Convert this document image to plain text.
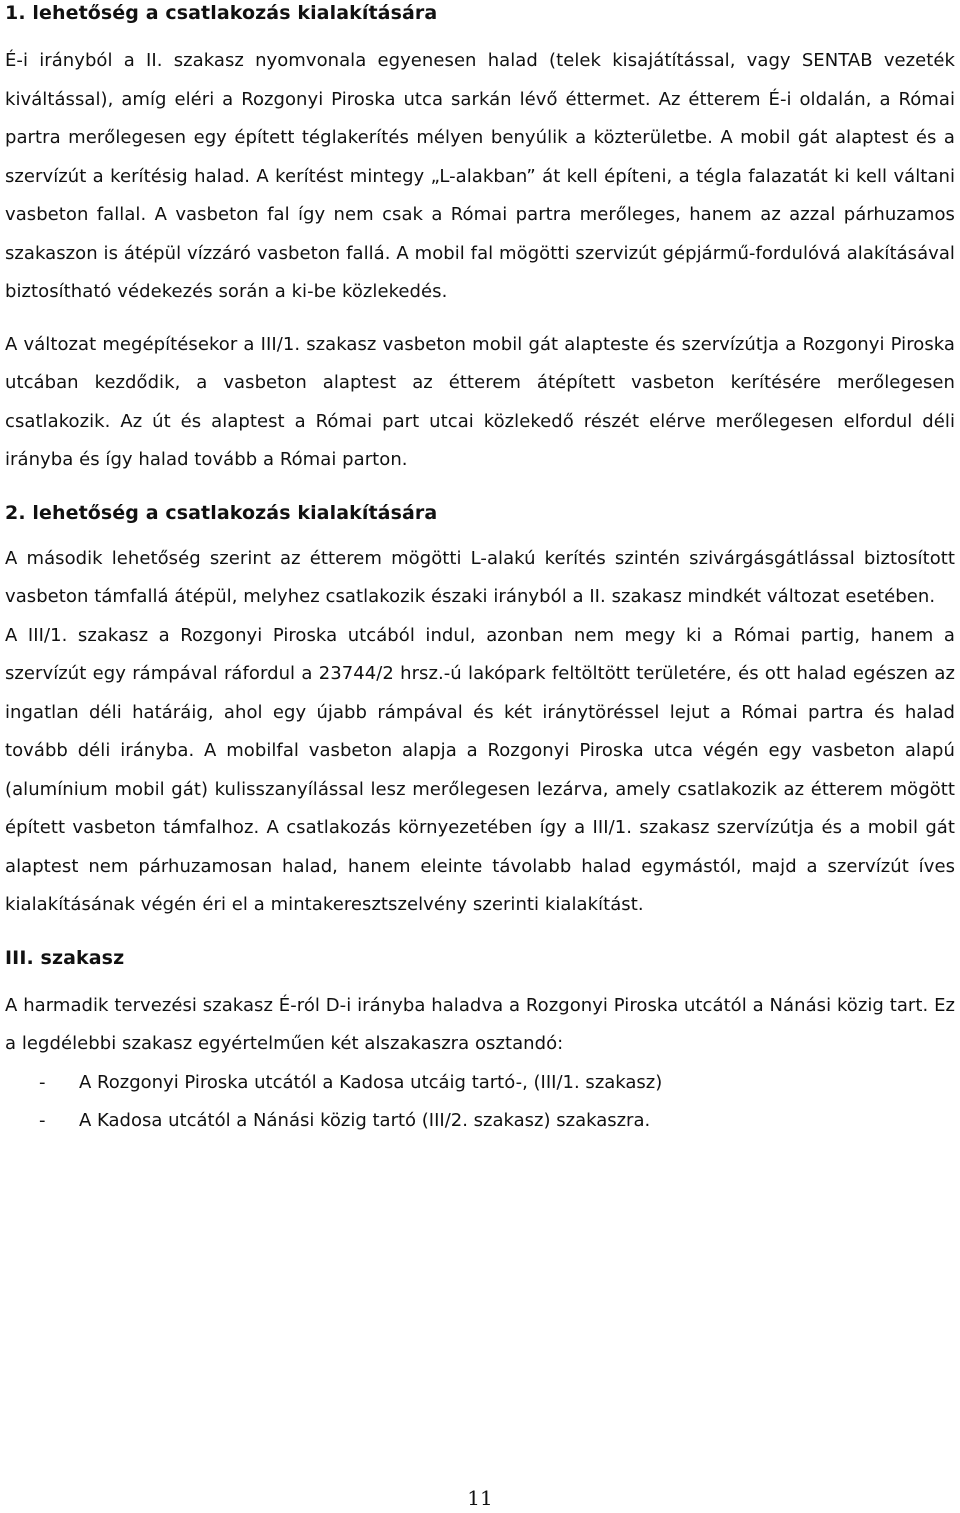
1. lehetőség a csatlakozás kialakítására

É-i irányból a II. szakasz nyomvonala egyenesen halad (telek kisajátítással, vagy SENTAB vezeték kiváltással), amíg eléri a Rozgonyi Piroska utca sarkán lévő éttermet. Az étterem É-i oldalán, a Római partra merőlegesen egy épített téglakerítés mélyen benyúlik a közterületbe. A mobil gát alaptest és a szervízút a kerítésig halad. A kerítést mintegy „L-alakban” át kell építeni, a tégla falazatát ki kell váltani vasbeton fallal. A vasbeton fal így nem csak a Római partra merőleges, hanem az azzal párhuzamos szakaszon is átépül vízzáró vasbeton fallá. A mobil fal mögötti szervizút gépjármű-fordulóvá alakításával biztosítható védekezés során a ki-be közlekedés.

A változat megépítésekor a III/1. szakasz vasbeton mobil gát alapteste és szervízútja a Rozgonyi Piroska utcában kezdődik, a vasbeton alaptest az étterem átépített vasbeton kerítésére merőlegesen csatlakozik. Az út és alaptest a Római part utcai közlekedő részét elérve merőlegesen elfordul déli irányba és így halad tovább a Római parton.

2. lehetőség a csatlakozás kialakítására

A második lehetőség szerint az étterem mögötti L-alakú kerítés szintén szivárgásgátlással biztosított vasbeton támfallá átépül, melyhez csatlakozik északi irányból a II. szakasz mindkét változat esetében.

A III/1. szakasz a Rozgonyi Piroska utcából indul, azonban nem megy ki a Római partig, hanem a szervízút egy rámpával ráfordul a 23744/2 hrsz.-ú lakópark feltöltött területére, és ott halad egészen az ingatlan déli határáig, ahol egy újabb rámpával és két iránytöréssel lejut a Római partra és halad tovább déli irányba. A mobilfal vasbeton alapja a Rozgonyi Piroska utca végén egy vasbeton alapú (alumínium mobil gát) kulisszanyílással lesz merőlegesen lezárva, amely csatlakozik az étterem mögött épített vasbeton támfalhoz. A csatlakozás környezetében így a III/1. szakasz szervízútja és a mobil gát alaptest nem párhuzamosan halad, hanem eleinte távolabb halad egymástól, majd a szervízút íves kialakításának végén éri el a mintakeresztszelvény szerinti kialakítást.

III. szakasz

A harmadik tervezési szakasz É-ról D-i irányba haladva a Rozgonyi Piroska utcától a Nánási közig tart. Ez a legdélebbi szakasz egyértelműen két alszakaszra osztandó:

- A Rozgonyi Piroska utcától a Kadosa utcáig tartó-, (III/1. szakasz)
- A Kadosa utcától a Nánási közig tartó (III/2. szakasz) szakaszra.
11
